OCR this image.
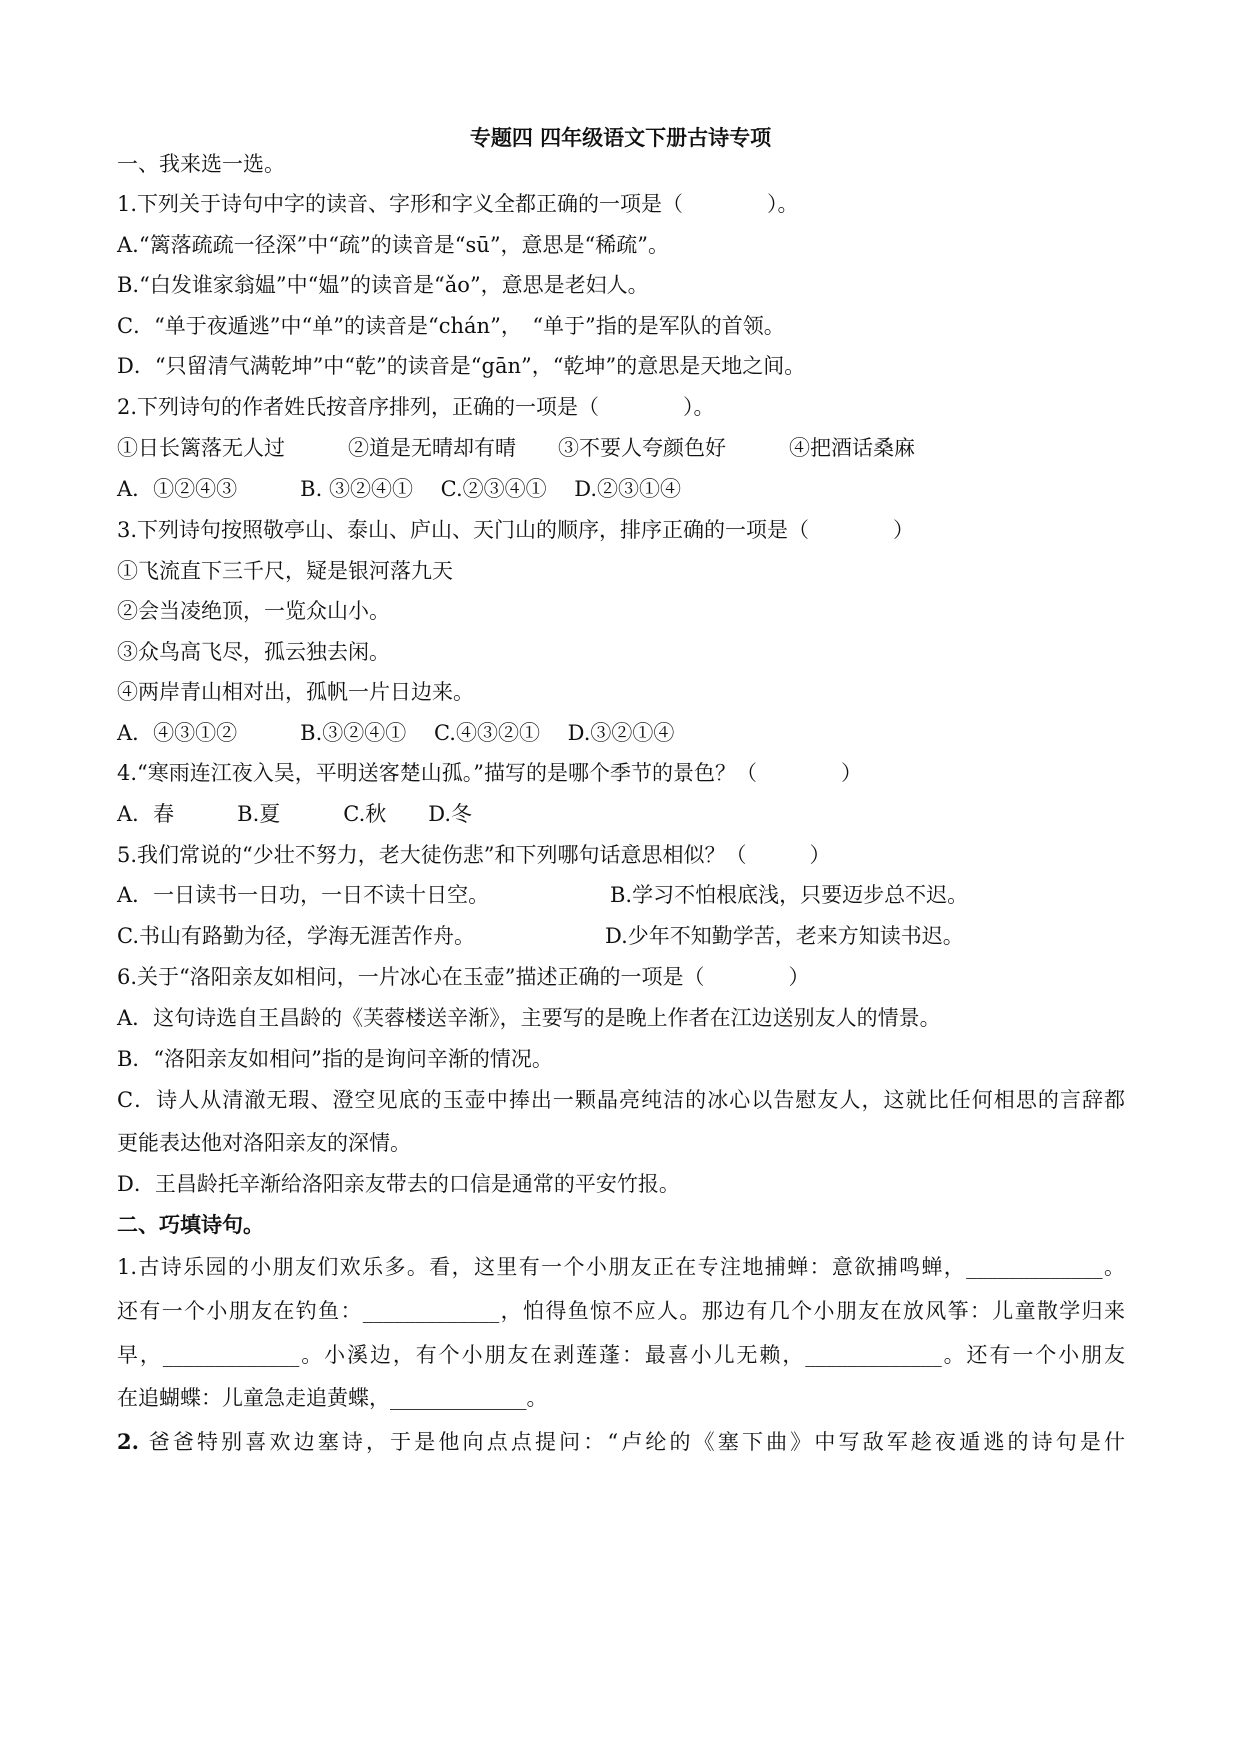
专题四 四年级语文下册古诗专项
一、我来选一选。
1.下列关于诗句中字的读音、字形和字义全都正确的一项是（　　　　）。
A.“篱落疏疏一径深”中“疏”的读音是“sū”，意思是“稀疏”。
B.“白发谁家翁媪”中“媪”的读音是“ǎo”，意思是老妇人。
C．“单于夜遁逃”中“单”的读音是“chán”，　“单于”指的是军队的首领。
D．“只留清气满乾坤”中“乾”的读音是“gān”，“乾坤”的意思是天地之间。
2.下列诗句的作者姓氏按音序排列，正确的一项是（　　　　）。
①日长篱落无人过　　　②道是无晴却有晴　　③不要人夸颜色好　　　④把酒话桑麻
A．①②④③　　　B. ③②④①　 C.②③④①　 D.②③①④
3.下列诗句按照敬亭山、泰山、庐山、天门山的顺序，排序正确的一项是（　　　　）
①飞流直下三千尺，疑是银河落九天
②会当凌绝顶，一览众山小。
③众鸟高飞尽，孤云独去闲。
④两岸青山相对出，孤帆一片日边来。
A．④③①②　　　B.③②④①　 C.④③②①　 D.③②①④
4.“寒雨连江夜入吴，平明送客楚山孤。”描写的是哪个季节的景色？（　　　　）
A．春　　　B.夏　　　C.秋　　D.冬
5.我们常说的“少壮不努力，老大徒伤悲”和下列哪句话意思相似？（　　　）
A．一日读书一日功，一日不读十日空。	B.学习不怕根底浅，只要迈步总不迟。
C.书山有路勤为径，学海无涯苦作舟。	D.少年不知勤学苦，老来方知读书迟。
6.关于“洛阳亲友如相问，一片冰心在玉壶”描述正确的一项是（　　　　）
A．这句诗选自王昌龄的《芙蓉楼送辛渐》，主要写的是晚上作者在江边送别友人的情景。
B．“洛阳亲友如相问”指的是询问辛渐的情况。
C．诗人从清澈无瑕、澄空见底的玉壶中捧出一颗晶亮纯洁的冰心以告慰友人，这就比任何相思的言辞都
更能表达他对洛阳亲友的深情。
D．王昌龄托辛渐给洛阳亲友带去的口信是通常的平安竹报。
二、巧填诗句。
1.古诗乐园的小朋友们欢乐多。看，这里有一个小朋友正在专注地捕蝉：意欲捕鸣蝉，_____________。
还有一个小朋友在钓鱼：_____________，怕得鱼惊不应人。那边有几个小朋友在放风筝：儿童散学归来
早，_____________。小溪边，有个小朋友在剥莲蓬：最喜小儿无赖，_____________。还有一个小朋友
在追蝴蝶：儿童急走追黄蝶，_____________。
2. 爸爸特别喜欢边塞诗，于是他向点点提问：“卢纶的《塞下曲》中写敌军趁夜遁逃的诗句是什
